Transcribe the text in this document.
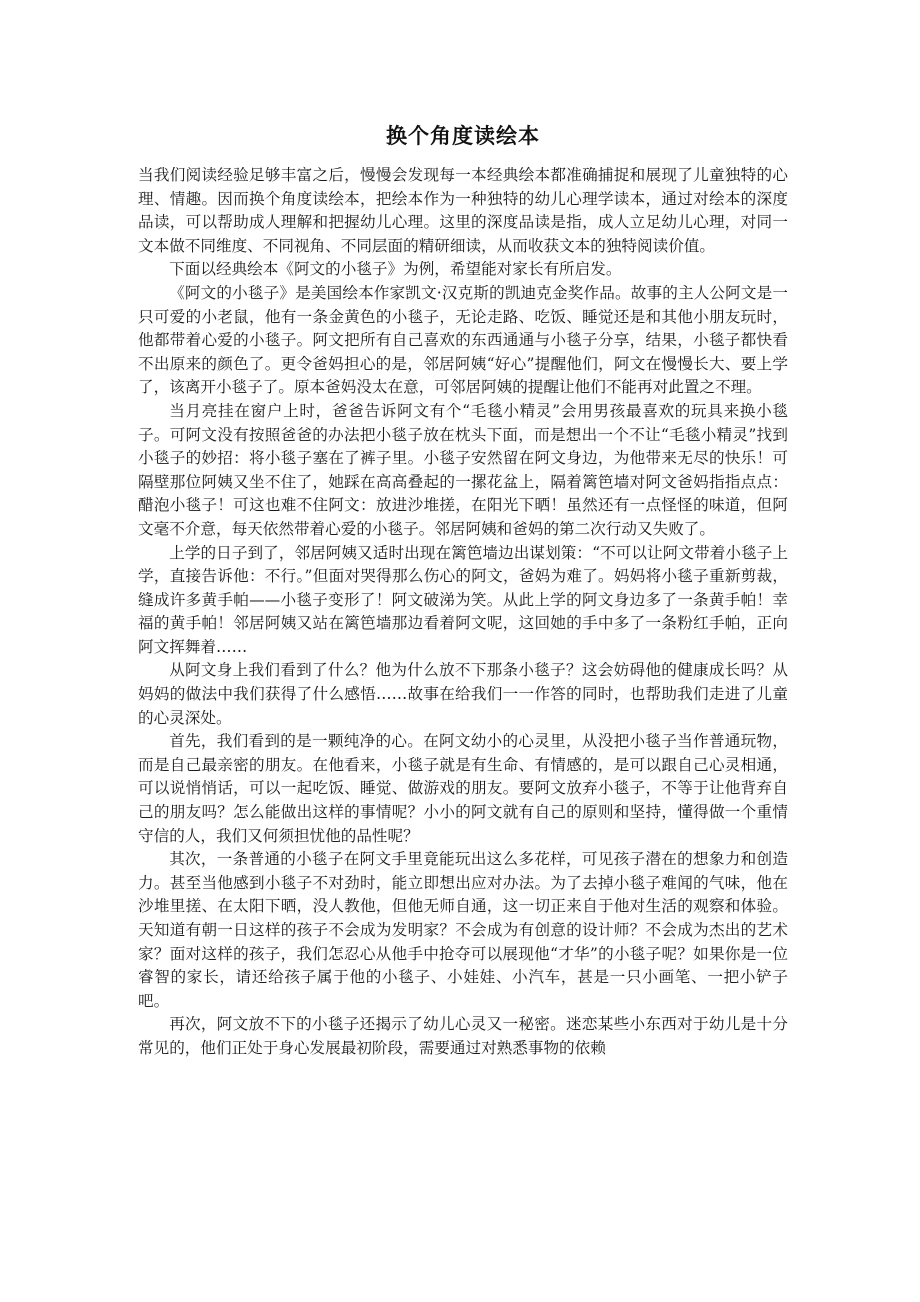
换个角度读绘本

当我们阅读经验足够丰富之后，慢慢会发现每一本经典绘本都准确捕捉和展现了儿童独特的心理、情趣。因而换个角度读绘本，把绘本作为一种独特的幼儿心理学读本，通过对绘本的深度品读，可以帮助成人理解和把握幼儿心理。这里的深度品读是指，成人立足幼儿心理，对同一文本做不同维度、不同视角、不同层面的精研细读，从而收获文本的独特阅读价值。

下面以经典绘本《阿文的小毯子》为例，希望能对家长有所启发。

《阿文的小毯子》是美国绘本作家凯文·汉克斯的凯迪克金奖作品。故事的主人公阿文是一只可爱的小老鼠，他有一条金黄色的小毯子，无论走路、吃饭、睡觉还是和其他小朋友玩时，他都带着心爱的小毯子。阿文把所有自己喜欢的东西通通与小毯子分享，结果，小毯子都快看不出原来的颜色了。更令爸妈担心的是，邻居阿姨“好心”提醒他们，阿文在慢慢长大、要上学了，该离开小毯子了。原本爸妈没太在意，可邻居阿姨的提醒让他们不能再对此置之不理。

当月亮挂在窗户上时，爸爸告诉阿文有个“毛毯小精灵”会用男孩最喜欢的玩具来换小毯子。可阿文没有按照爸爸的办法把小毯子放在枕头下面，而是想出一个不让“毛毯小精灵”找到小毯子的妙招：将小毯子塞在了裤子里。小毯子安然留在阿文身边，为他带来无尽的快乐！可隔壁那位阿姨又坐不住了，她踩在高高叠起的一摞花盆上，隔着篱笆墙对阿文爸妈指指点点：醋泡小毯子！可这也难不住阿文：放进沙堆搓，在阳光下晒！虽然还有一点怪怪的味道，但阿文毫不介意，每天依然带着心爱的小毯子。邻居阿姨和爸妈的第二次行动又失败了。

上学的日子到了，邻居阿姨又适时出现在篱笆墙边出谋划策：“不可以让阿文带着小毯子上学，直接告诉他：不行。”但面对哭得那么伤心的阿文，爸妈为难了。妈妈将小毯子重新剪裁，缝成许多黄手帕——小毯子变形了！阿文破涕为笑。从此上学的阿文身边多了一条黄手帕！幸福的黄手帕！邻居阿姨又站在篱笆墙那边看着阿文呢，这回她的手中多了一条粉红手帕，正向阿文挥舞着……

从阿文身上我们看到了什么？他为什么放不下那条小毯子？这会妨碍他的健康成长吗？从妈妈的做法中我们获得了什么感悟……故事在给我们一一作答的同时，也帮助我们走进了儿童的心灵深处。

首先，我们看到的是一颗纯净的心。在阿文幼小的心灵里，从没把小毯子当作普通玩物，而是自己最亲密的朋友。在他看来，小毯子就是有生命、有情感的，是可以跟自己心灵相通，可以说悄悄话，可以一起吃饭、睡觉、做游戏的朋友。要阿文放弃小毯子，不等于让他背弃自己的朋友吗？怎么能做出这样的事情呢？小小的阿文就有自己的原则和坚持，懂得做一个重情守信的人，我们又何须担忧他的品性呢？

其次，一条普通的小毯子在阿文手里竟能玩出这么多花样，可见孩子潜在的想象力和创造力。甚至当他感到小毯子不对劲时，能立即想出应对办法。为了去掉小毯子难闻的气味，他在沙堆里搓、在太阳下晒，没人教他，但他无师自通，这一切正来自于他对生活的观察和体验。天知道有朝一日这样的孩子不会成为发明家？不会成为有创意的设计师？不会成为杰出的艺术家？面对这样的孩子，我们怎忍心从他手中抢夺可以展现他“才华”的小毯子呢？如果你是一位睿智的家长，请还给孩子属于他的小毯子、小娃娃、小汽车，甚是一只小画笔、一把小铲子吧。

再次，阿文放不下的小毯子还揭示了幼儿心灵又一秘密。迷恋某些小东西对于幼儿是十分常见的，他们正处于身心发展最初阶段，需要通过对熟悉事物的依赖
